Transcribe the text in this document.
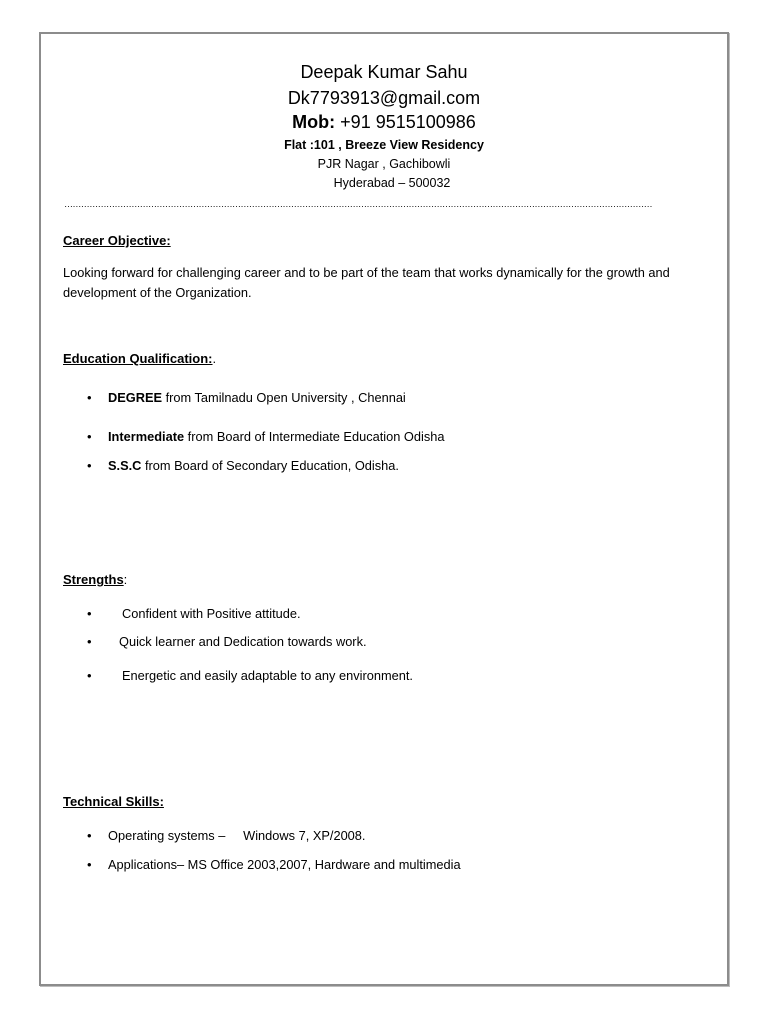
Deepak Kumar Sahu
Dk7793913@gmail.com
Mob: +91 9515100986
Flat :101 , Breeze View Residency
PJR Nagar , Gachibowli
Hyderabad – 500032
…………………………………………………………………………………………………………………………………………………………………………………………
Career Objective:
Looking forward for challenging career and to be part of the team that works dynamically for the growth and development of the Organization.
Education Qualification:.
• DEGREE from Tamilnadu Open University , Chennai
• Intermediate from Board of Intermediate Education Odisha
• S.S.C from Board of Secondary Education, Odisha.
Strengths:
• Confident with Positive attitude.
• Quick learner and Dedication towards work.
• Energetic and easily adaptable to any environment.
Technical Skills:
• Operating systems –     Windows 7, XP/2008.
• Applications– MS Office 2003,2007, Hardware and multimedia
